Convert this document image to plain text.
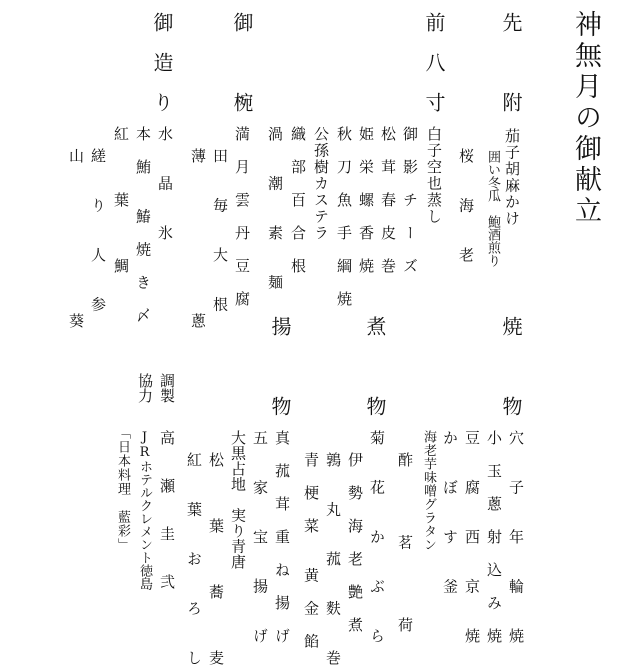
神無月の御献立
先　　　附
茄子胡麻かけ
囲い冬瓜　鮑酒煎り
桜　　海　　老
前　八　寸
白子空也蒸し
御　影　チ　ー　ズ
松　茸　春　皮　巻
姫　栄　螺　香　焼
秋　刀　魚　手　綱　焼
公孫樹カステラ
御　　　椀
織　部　百　合　根
渦　　潮　　素　　麺
満　月　雲　丹　豆　腐
田　　毎　　大　　根
薄　　　　　　　　　蔥
御　造　り
水　　晶　　氷
本　鮪　　鰆　焼　き　〆
紅　　　葉　　　鯛
縒　　り　　人　　参
山　　　　　　　　　葵
焼　　　物
穴　　子　　年　　輪　　焼
小　玉　蔥　射　込　み　焼
豆　　腐　　西　　京　　焼
か　　ぼ　　す　　釜
海老芋味噌グラタン
酢　　　　茗　　　　荷
煮　　　物
菊　　花　　か　　ぶ　　ら
伊　勢　海　老　艶　煮
鶉　　丸　　菰　　麩　　巻
青　梗　菜　　黄　金　餡
揚　　　物
真　菰　茸　重　ね　揚　げ
五　　家　　宝　　揚　　げ
大黒占地　実り青唐
松　　　葉　　　蕎　　　麦
紅　　葉　　お　　ろ　　し
調製
高　瀬　圭　弐
協力
JRホテルクレメント徳島
「日本料理　藍彩」
